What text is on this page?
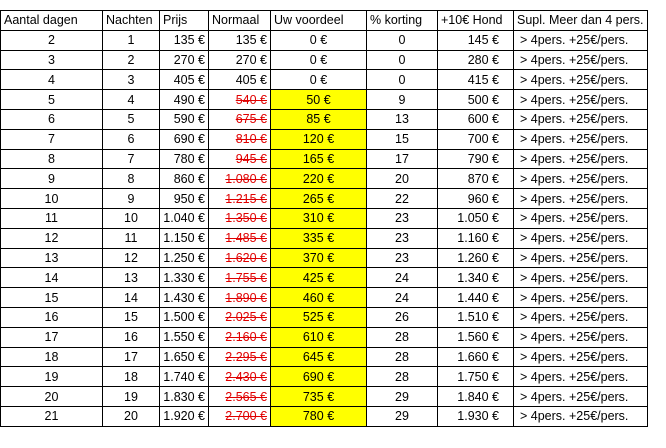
Aantal dagen	Nachten	Prijs	Normaal	Uw voordeel	% korting	+10€ Hond	Supl. Meer dan 4 pers.
2	1	135 €	135 €	0 €	0	145 €	> 4pers. +25€/pers.
3	2	270 €	270 €	0 €	0	280 €	> 4pers. +25€/pers.
4	3	405 €	405 €	0 €	0	415 €	> 4pers. +25€/pers.
5	4	490 €	540 €	50 €	9	500 €	> 4pers. +25€/pers.
6	5	590 €	675 €	85 €	13	600 €	> 4pers. +25€/pers.
7	6	690 €	810 €	120 €	15	700 €	> 4pers. +25€/pers.
8	7	780 €	945 €	165 €	17	790 €	> 4pers. +25€/pers.
9	8	860 €	1.080 €	220 €	20	870 €	> 4pers. +25€/pers.
10	9	950 €	1.215 €	265 €	22	960 €	> 4pers. +25€/pers.
11	10	1.040 €	1.350 €	310 €	23	1.050 €	> 4pers. +25€/pers.
12	11	1.150 €	1.485 €	335 €	23	1.160 €	> 4pers. +25€/pers.
13	12	1.250 €	1.620 €	370 €	23	1.260 €	> 4pers. +25€/pers.
14	13	1.330 €	1.755 €	425 €	24	1.340 €	> 4pers. +25€/pers.
15	14	1.430 €	1.890 €	460 €	24	1.440 €	> 4pers. +25€/pers.
16	15	1.500 €	2.025 €	525 €	26	1.510 €	> 4pers. +25€/pers.
17	16	1.550 €	2.160 €	610 €	28	1.560 €	> 4pers. +25€/pers.
18	17	1.650 €	2.295 €	645 €	28	1.660 €	> 4pers. +25€/pers.
19	18	1.740 €	2.430 €	690 €	28	1.750 €	> 4pers. +25€/pers.
20	19	1.830 €	2.565 €	735 €	29	1.840 €	> 4pers. +25€/pers.
21	20	1.920 €	2.700 €	780 €	29	1.930 €	> 4pers. +25€/pers.
